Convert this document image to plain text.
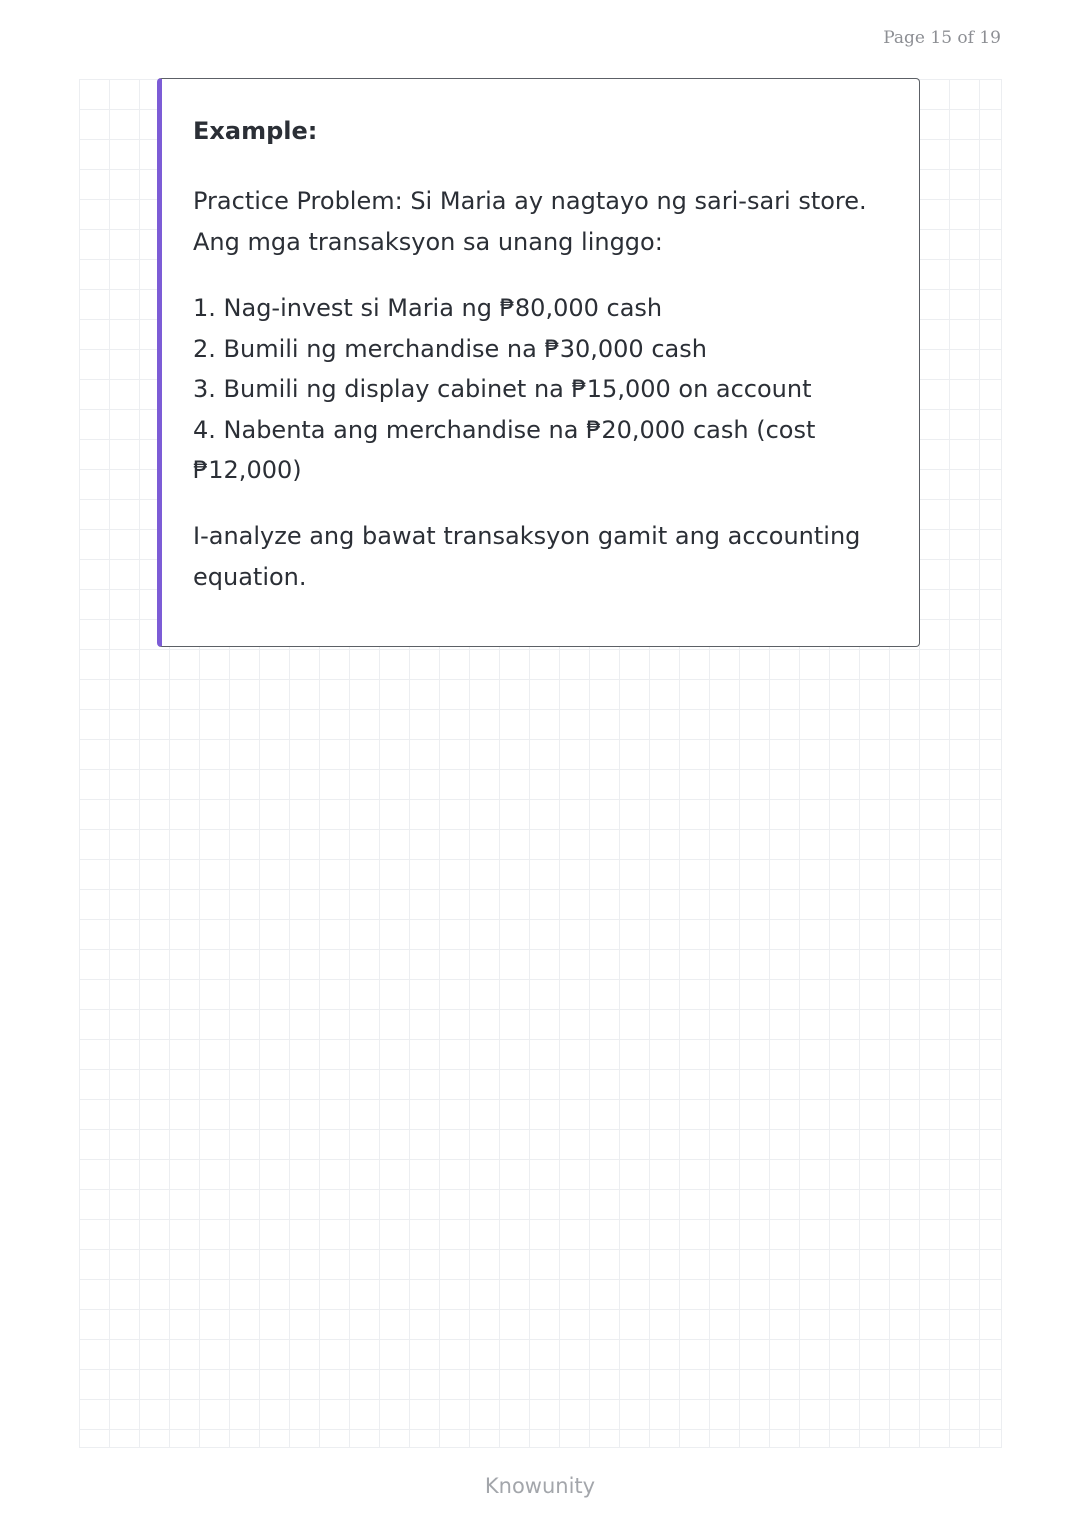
Page 15 of 19
Example:

Practice Problem: Si Maria ay nagtayo ng sari-sari store. Ang mga transaksyon sa unang linggo:

1. Nag-invest si Maria ng ₱80,000 cash
2. Bumili ng merchandise na ₱30,000 cash
3. Bumili ng display cabinet na ₱15,000 on account
4. Nabenta ang merchandise na ₱20,000 cash (cost ₱12,000)

I-analyze ang bawat transaksyon gamit ang accounting equation.

Knowunity
